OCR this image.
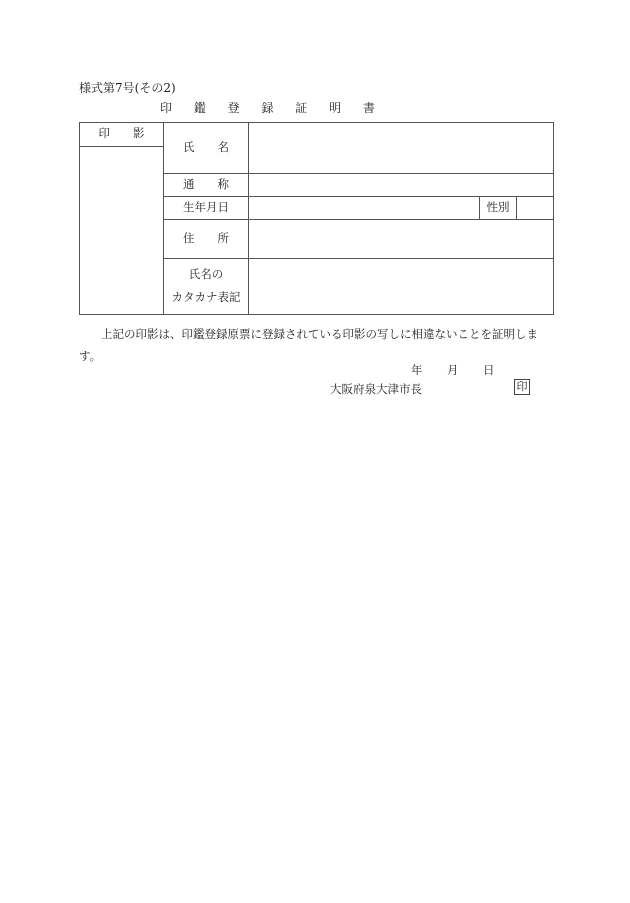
様式第7号(その2)
印 鑑 登 録 証 明 書
印　　影
氏　　名
通　　称
生年月日	性別
住　　所
氏名の
カタカナ表記
上記の印影は、印鑑登録原票に登録されている印影の写しに相違ないことを証明します。
年 月 日
大阪府泉大津市長	印
